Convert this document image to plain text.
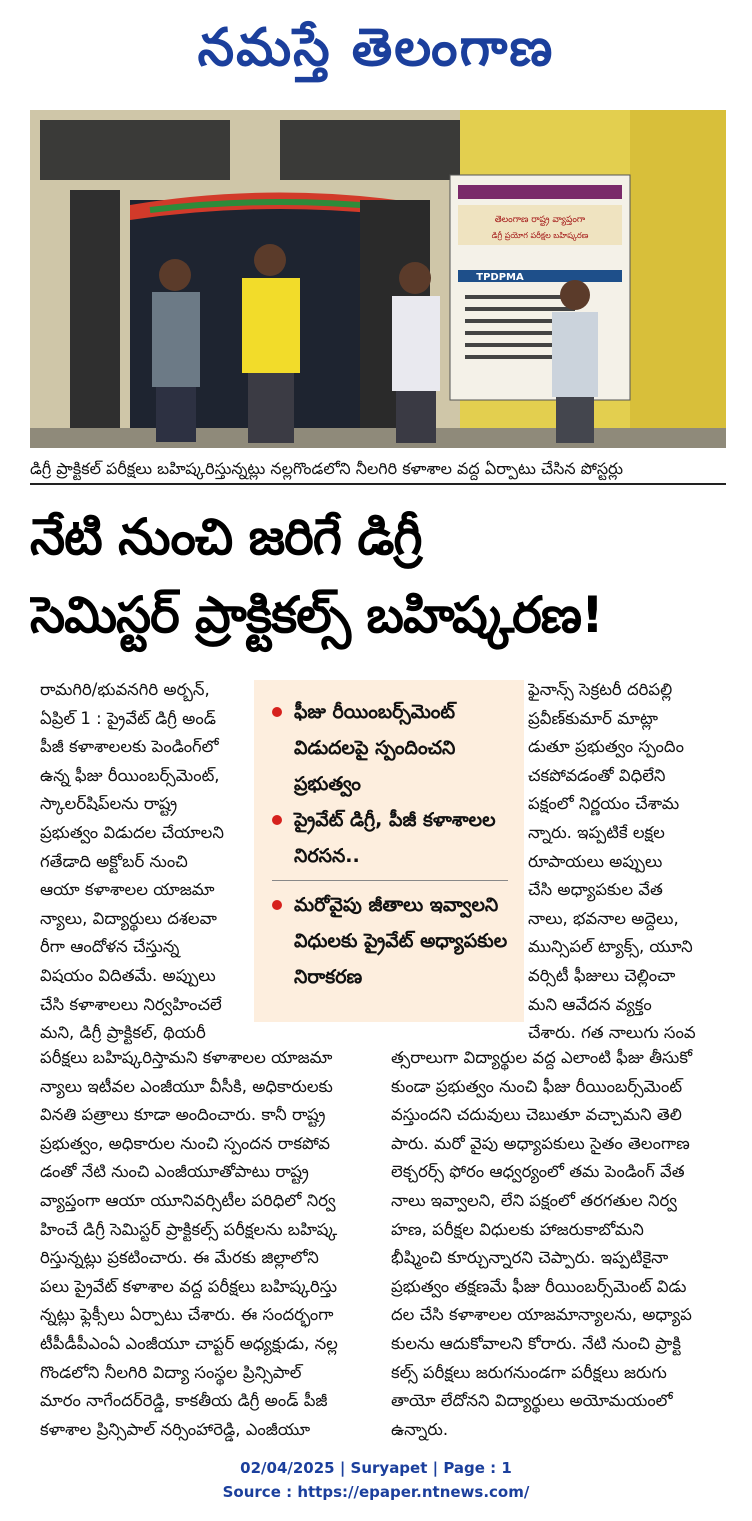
నమస్తే తెలంగాణ
తెలంగాణ రాష్ట్ర వ్యాప్తంగా
డిగ్రీ ప్రయోగ పరీక్షల బహిష్కరణ
TPDPMA
డిగ్రీ ప్రాక్టికల్ పరీక్షలు బహిష్కరిస్తున్నట్లు నల్లగొండలోని నీలగిరి కళాశాల వద్ద ఏర్పాటు చేసిన పోస్టర్లు
నేటి నుంచి జరిగే డిగ్రీ
సెమిస్టర్ ప్రాక్టికల్స్ బహిష్కరణ!

రామగిరి/భువనగిరి అర్బన్,

ఏప్రిల్ 1 : ప్రైవేట్ డిగ్రీ అండ్

పీజీ కళాశాలలకు పెండింగ్‌లో

ఉన్న ఫీజు రీయింబర్స్‌మెంట్,

స్కాలర్‌షిప్‌లను రాష్ట్ర

ప్రభుత్వం విడుదల చేయాలని

గతేడాది అక్టోబర్ నుంచి

ఆయా కళాశాలల యాజమా

న్యాలు, విద్యార్థులు దశలవా

రీగా ఆందోళన చేస్తున్న

విషయం విదితమే. అప్పులు

చేసి కళాశాలలు నిర్వహించలే

మని, డిగ్రీ ప్రాక్టికల్, థియరీ

ఫీజు రీయింబర్స్‌మెంట్ విడుదలపై స్పందించని ప్రభుత్వం
ప్రైవేట్ డిగ్రీ, పీజీ కళాశాలల నిరసన..
మరోవైపు జీతాలు ఇవ్వాలని విధులకు ప్రైవేట్ అధ్యాపకుల నిరాకరణ

ఫైనాన్స్ సెక్రటరీ దరిపల్లి

ప్రవీణ్‌కుమార్ మాట్లా

డుతూ ప్రభుత్వం స్పందిం

చకపోవడంతో విధిలేని

పక్షంలో నిర్ణయం చేశామ

న్నారు. ఇప్పటికే లక్షల

రూపాయలు అప్పులు

చేసి అధ్యాపకుల వేత

నాలు, భవనాల అద్దెలు,

మున్సిపల్ ట్యాక్స్, యూని

వర్సిటీ ఫీజులు చెల్లించా

మని ఆవేదన వ్యక్తం

చేశారు. గత నాలుగు సంవ

పరీక్షలు బహిష్కరిస్తామని కళాశాలల యాజమా

న్యాలు ఇటీవల ఎంజీయూ వీసీకి, అధికారులకు

వినతి పత్రాలు కూడా అందించారు. కానీ రాష్ట్ర

ప్రభుత్వం, అధికారుల నుంచి స్పందన రాకపోవ

డంతో నేటి నుంచి ఎంజీయూతోపాటు రాష్ట్ర

వ్యాప్తంగా ఆయా యూనివర్సిటీల పరిధిలో నిర్వ

హించే డిగ్రీ సెమిస్టర్ ప్రాక్టికల్స్ పరీక్షలను బహిష్క

రిస్తున్నట్లు ప్రకటించారు. ఈ మేరకు జిల్లాలోని

పలు ప్రైవేట్ కళాశాల వద్ద పరీక్షలు బహిష్కరిస్తు

న్నట్లు ఫ్లెక్సీలు ఏర్పాటు చేశారు. ఈ సందర్భంగా

టీపీడీపీఎంఏ ఎంజీయూ చాప్టర్ అధ్యక్షుడు, నల్ల

గొండలోని నీలగిరి విద్యా సంస్థల ప్రిన్సిపాల్

మారం నాగేందర్‌రెడ్డి, కాకతీయ డిగ్రీ అండ్ పీజీ

కళాశాల ప్రిన్సిపాల్ నర్సింహారెడ్డి, ఎంజీయూ

త్సరాలుగా విద్యార్థుల వద్ద ఎలాంటి ఫీజు తీసుకో

కుండా ప్రభుత్వం నుంచి ఫీజు రీయింబర్స్‌మెంట్

వస్తుందని చదువులు చెబుతూ వచ్చామని తెలి

పారు. మరో వైపు అధ్యాపకులు సైతం తెలంగాణ

లెక్చరర్స్ ఫోరం ఆధ్వర్యంలో తమ పెండింగ్ వేత

నాలు ఇవ్వాలని, లేని పక్షంలో తరగతుల నిర్వ

హణ, పరీక్షల విధులకు హాజరుకాబోమని

భీష్మించి కూర్చున్నారని చెప్పారు. ఇప్పటికైనా

ప్రభుత్వం తక్షణమే ఫీజు రీయింబర్స్‌మెంట్ విడు

దల చేసి కళాశాలల యాజమాన్యాలను, అధ్యాప

కులను ఆదుకోవాలని కోరారు. నేటి నుంచి ప్రాక్టి

కల్స్ పరీక్షలు జరుగనుండగా పరీక్షలు జరుగు

తాయో లేదోనని విద్యార్థులు అయోమయంలో

ఉన్నారు.

02/04/2025 | Suryapet | Page : 1
Source : https://epaper.ntnews.com/
